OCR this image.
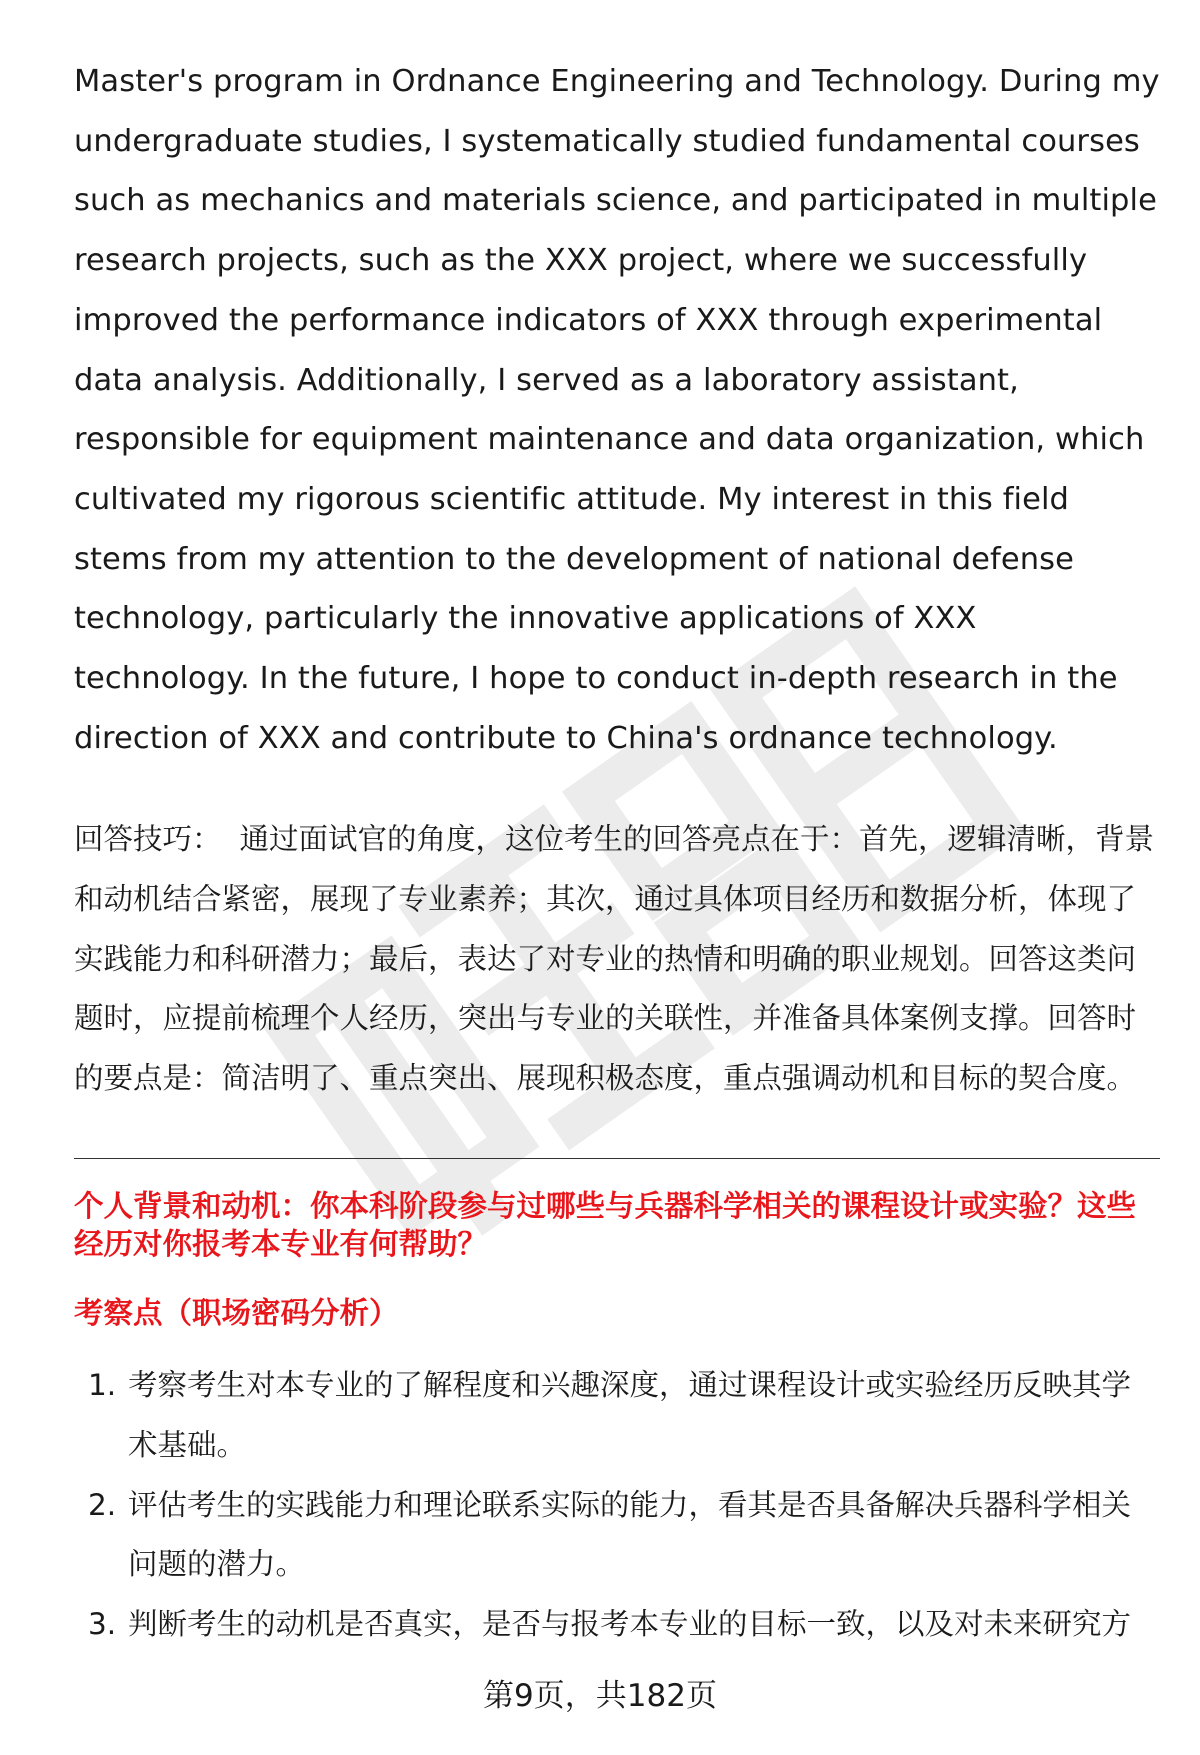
Master's program in Ordnance Engineering and Technology. During my undergraduate studies, I systematically studied fundamental courses such as mechanics and materials science, and participated in multiple research projects, such as the XXX project, where we successfully improved the performance indicators of XXX through experimental data analysis. Additionally, I served as a laboratory assistant, responsible for equipment maintenance and data organization, which cultivated my rigorous scientific attitude. My interest in this field stems from my attention to the development of national defense technology, particularly the innovative applications of XXX technology. In the future, I hope to conduct in-depth research in the direction of XXX and contribute to China's ordnance technology.

回答技巧： 通过面试官的角度，这位考生的回答亮点在于：首先，逻辑清晰，背景和动机结合紧密，展现了专业素养；其次，通过具体项目经历和数据分析，体现了实践能力和科研潜力；最后，表达了对专业的热情和明确的职业规划。回答这类问题时，应提前梳理个人经历，突出与专业的关联性，并准备具体案例支撑。回答时的要点是：简洁明了、重点突出、展现积极态度，重点强调动机和目标的契合度。

个人背景和动机：你本科阶段参与过哪些与兵器科学相关的课程设计或实验？这些经历对你报考本专业有何帮助？

考察点（职场密码分析）

1. 考察考生对本专业的了解程度和兴趣深度，通过课程设计或实验经历反映其学术基础。
2. 评估考生的实践能力和理论联系实际的能力，看其是否具备解决兵器科学相关问题的潜力。
3. 判断考生的动机是否真实，是否与报考本专业的目标一致，以及对未来研究方
第9页，共182页
